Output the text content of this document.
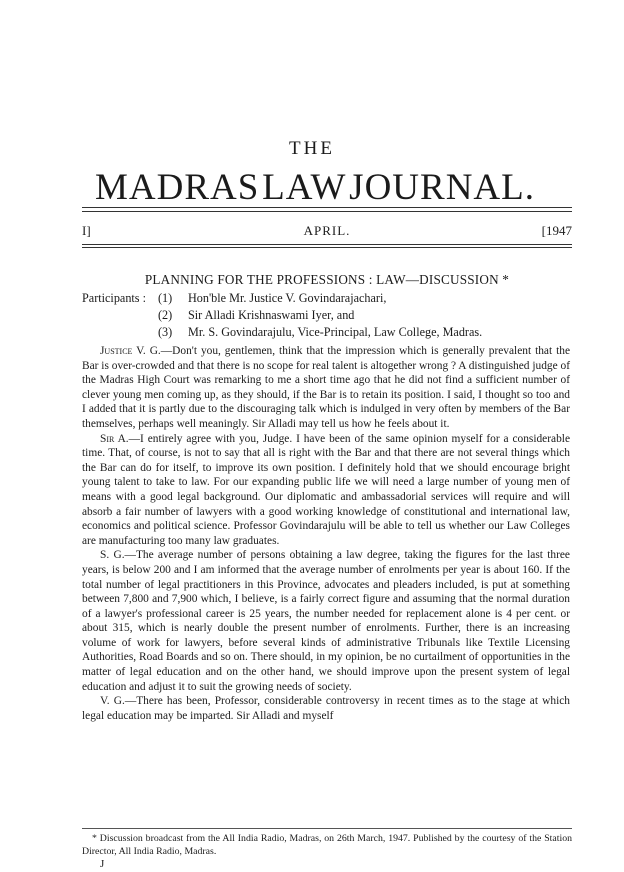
THE
MADRAS LAW JOURNAL.
I]	APRIL.	[1947
PLANNING FOR THE PROFESSIONS : LAW—DISCUSSION *
Participants : (1)	Hon'ble Mr. Justice V. Govindarajachari,
(2)	Sir Alladi Krishnaswami Iyer, and
(3)	Mr. S. Govindarajulu, Vice-Principal, Law College, Madras.

Justice V. G.—Don't you, gentlemen, think that the impression which is generally prevalent that the Bar is over-crowded and that there is no scope for real talent is altogether wrong ? A distinguished judge of the Madras High Court was remarking to me a short time ago that he did not find a sufficient number of clever young men coming up, as they should, if the Bar is to retain its position. I said, I thought so too and I added that it is partly due to the discouraging talk which is indulged in very often by members of the Bar themselves, perhaps well meaningly. Sir Alladi may tell us how he feels about it.

Sir A.—I entirely agree with you, Judge. I have been of the same opinion myself for a considerable time. That, of course, is not to say that all is right with the Bar and that there are not several things which the Bar can do for itself, to improve its own position. I definitely hold that we should encourage bright young talent to take to law. For our expanding public life we will need a large number of young men of means with a good legal background. Our diplomatic and ambassadorial services will require and will absorb a fair number of lawyers with a good working knowledge of constitutional and international law, economics and political science. Professor Govindarajulu will be able to tell us whether our Law Colleges are manufacturing too many law graduates.

S. G.—The average number of persons obtaining a law degree, taking the figures for the last three years, is below 200 and I am informed that the average number of enrolments per year is about 160. If the total number of legal practitioners in this Province, advocates and pleaders included, is put at something between 7,800 and 7,900 which, I believe, is a fairly correct figure and assuming that the normal duration of a lawyer's professional career is 25 years, the number needed for replacement alone is 4 per cent. or about 315, which is nearly double the present number of enrolments. Further, there is an increasing volume of work for lawyers, before several kinds of administrative Tribunals like Textile Licensing Authorities, Road Boards and so on. There should, in my opinion, be no curtailment of opportunities in the matter of legal education and on the other hand, we should improve upon the present system of legal education and adjust it to suit the growing needs of society.

V. G.—There has been, Professor, considerable controversy in recent times as to the stage at which legal education may be imparted. Sir Alladi and myself

* Discussion broadcast from the All India Radio, Madras, on 26th March, 1947. Published by the courtesy of the Station Director, All India Radio, Madras.

J
